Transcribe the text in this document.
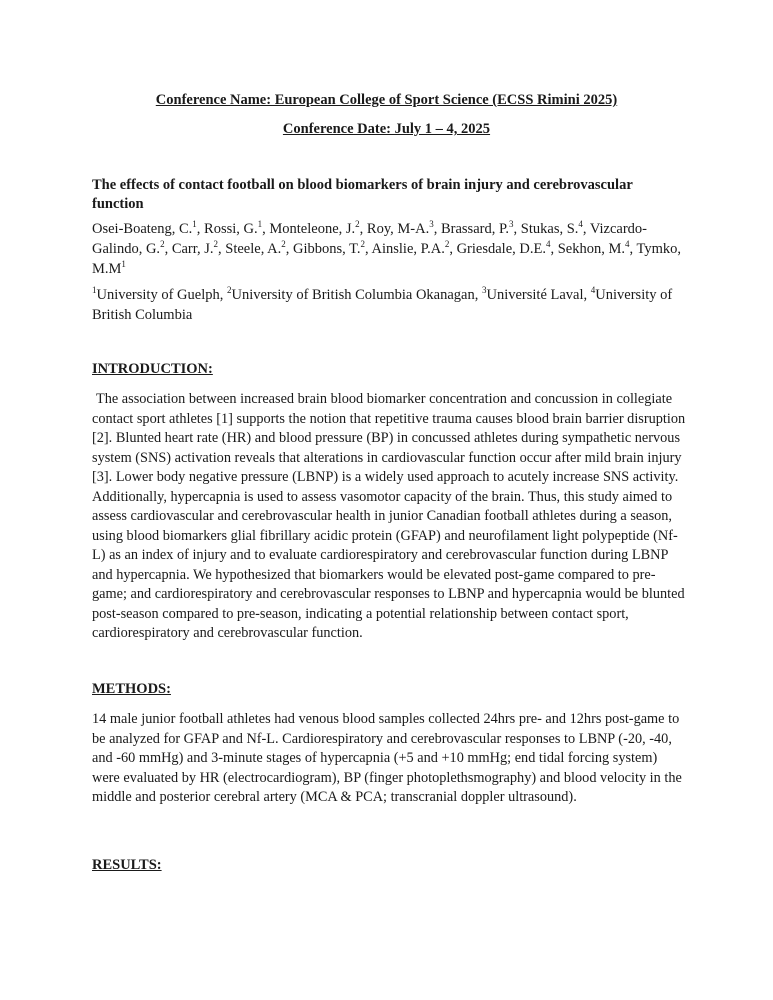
Conference Name: European College of Sport Science (ECSS Rimini 2025)
Conference Date: July 1 – 4, 2025
The effects of contact football on blood biomarkers of brain injury and cerebrovascular function
Osei-Boateng, C.$^1$, Rossi, G.$^1$, Monteleone, J.$^2$, Roy, M-A.$^3$, Brassard, P.$^3$, Stukas, S.$^4$, Vizcardo-Galindo, G.$^2$, Carr, J.$^2$, Steele, A.$^2$, Gibbons, T.$^2$, Ainslie, P.A.$^2$, Griesdale, D.E.$^4$, Sekhon, M.$^4$, Tymko, $M.M^1$
$^1$University of Guelph, $^2$University of British Columbia Okanagan, $^3$Université Laval, $^4$University of British Columbia
INTRODUCTION:
The association between increased brain blood biomarker concentration and concussion in collegiate contact sport athletes [1] supports the notion that repetitive trauma causes blood brain barrier disruption [2]. Blunted heart rate (HR) and blood pressure (BP) in concussed athletes during sympathetic nervous system (SNS) activation reveals that alterations in cardiovascular function occur after mild brain injury [3]. Lower body negative pressure (LBNP) is a widely used approach to acutely increase SNS activity. Additionally, hypercapnia is used to assess vasomotor capacity of the brain. Thus, this study aimed to assess cardiovascular and cerebrovascular health in junior Canadian football athletes during a season, using blood biomarkers glial fibrillary acidic protein (GFAP) and neurofilament light polypeptide (Nf-L) as an index of injury and to evaluate cardiorespiratory and cerebrovascular function during LBNP and hypercapnia. We hypothesized that biomarkers would be elevated post-game compared to pre-game; and cardiorespiratory and cerebrovascular responses to LBNP and hypercapnia would be blunted post-season compared to pre-season, indicating a potential relationship between contact sport, cardiorespiratory and cerebrovascular function.
METHODS:
14 male junior football athletes had venous blood samples collected 24hrs pre- and 12hrs post-game to be analyzed for GFAP and Nf-L. Cardiorespiratory and cerebrovascular responses to LBNP (-20, -40, and -60 mmHg) and 3-minute stages of hypercapnia (+5 and +10 mmHg; end tidal forcing system) were evaluated by HR (electrocardiogram), BP (finger photoplethsmography) and blood velocity in the middle and posterior cerebral artery (MCA & PCA; transcranial doppler ultrasound).
RESULTS:
